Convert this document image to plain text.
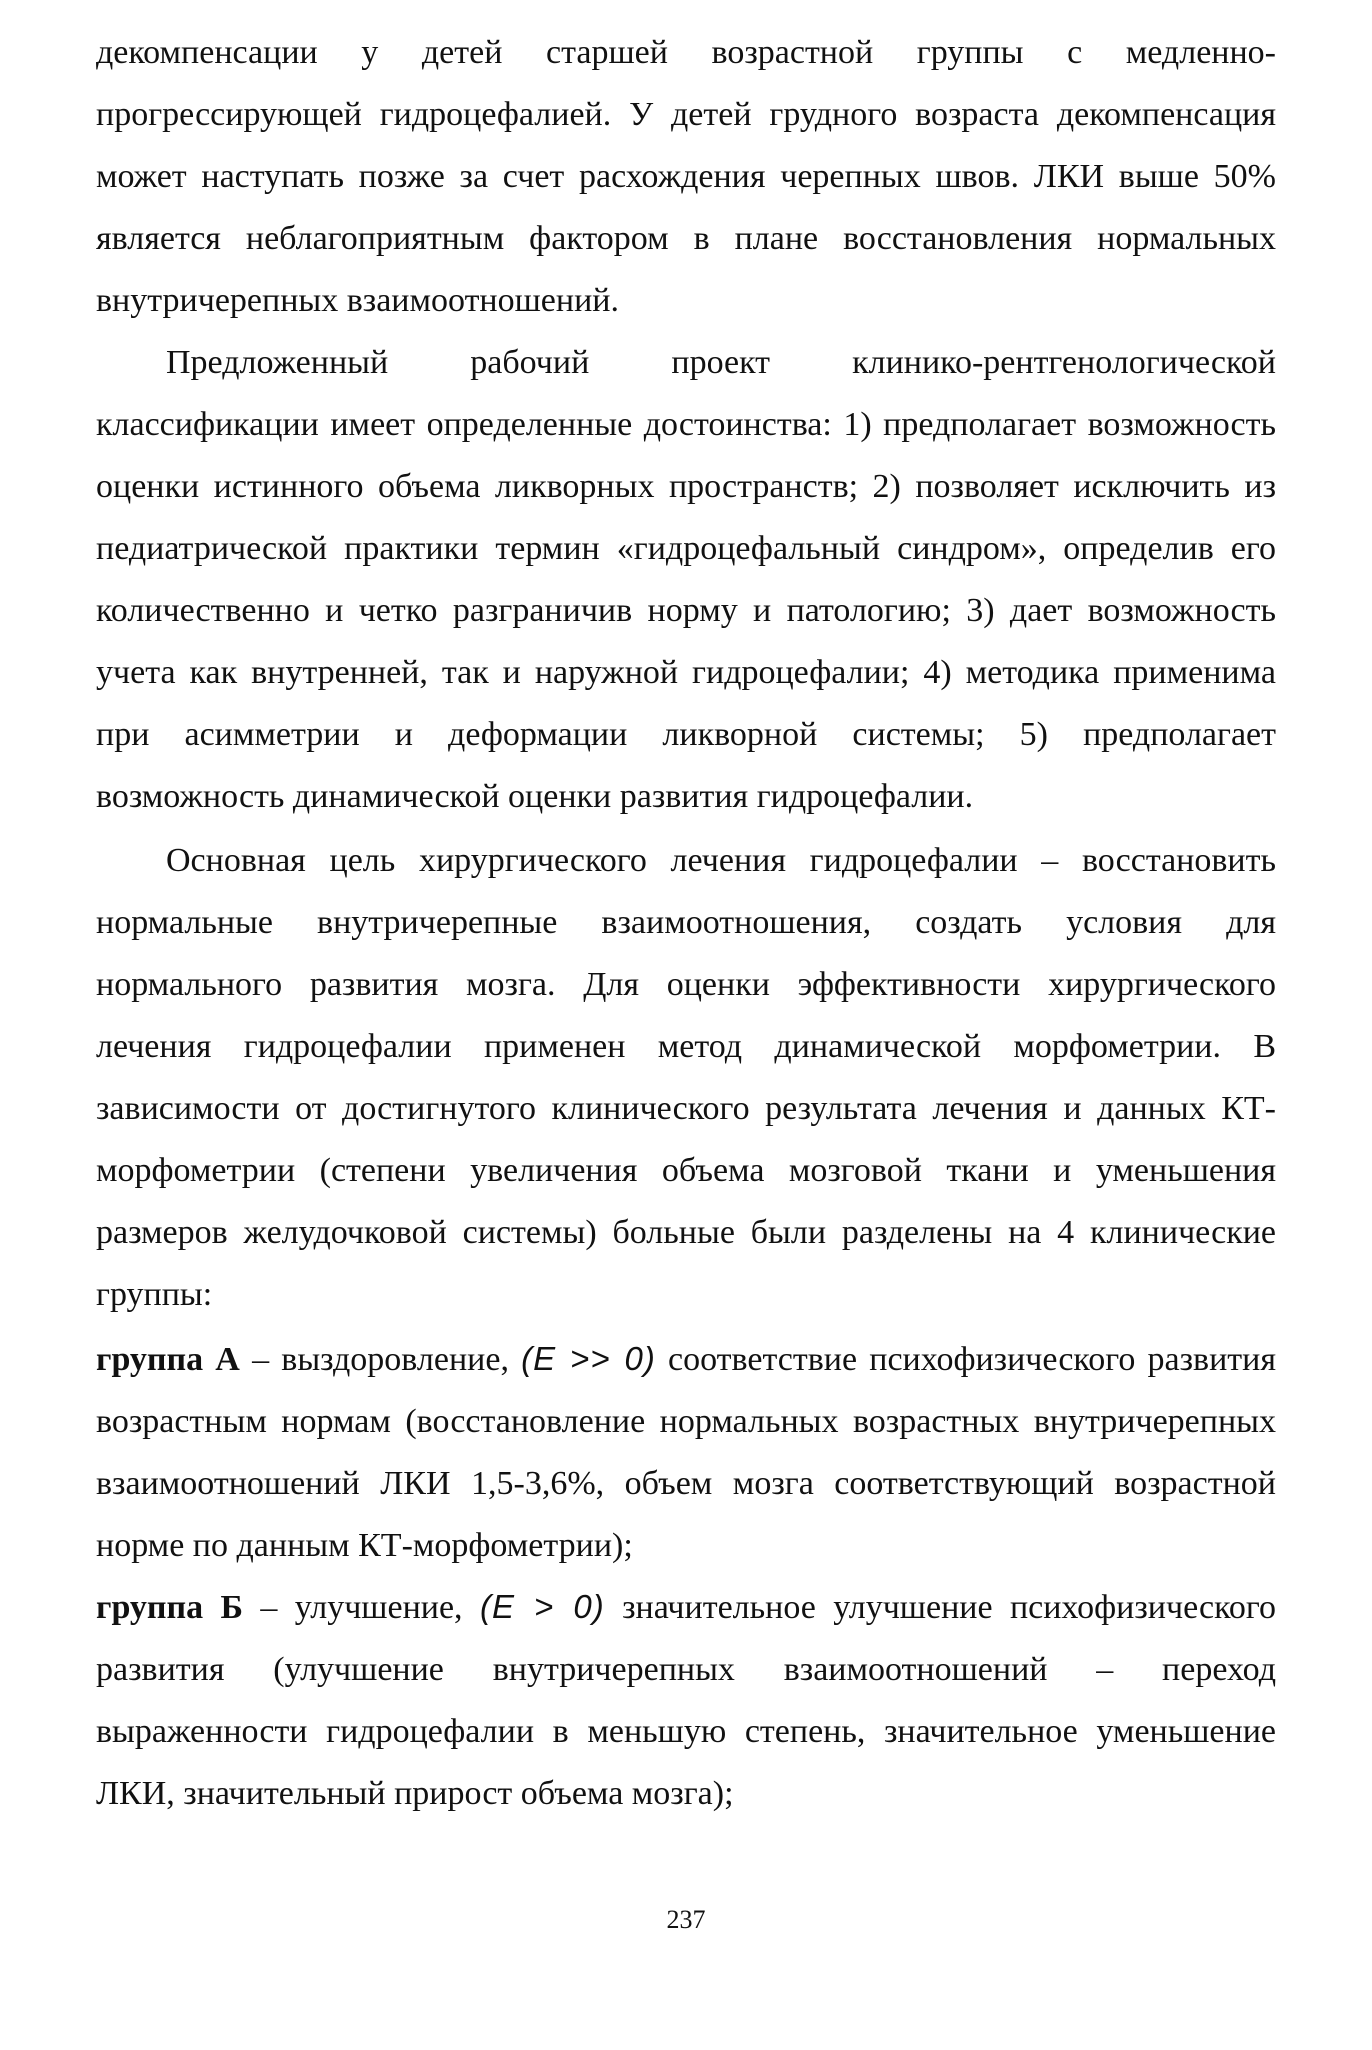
декомпенсации у детей старшей возрастной группы с медленно-прогрессирующей гидроцефалией. У детей грудного возраста декомпенсация может наступать позже за счет расхождения черепных швов. ЛКИ выше 50% является неблагоприятным фактором в плане восстановления нормальных внутричерепных взаимоотношений.

Предложенный рабочий проект клинико-рентгенологической классификации имеет определенные достоинства: 1) предполагает возможность оценки истинного объема ликворных пространств; 2) позволяет исключить из педиатрической практики термин «гидроцефальный синдром», определив его количественно и четко разграничив норму и патологию; 3) дает возможность учета как внутренней, так и наружной гидроцефалии; 4) методика применима при асимметрии и деформации ликворной системы; 5) предполагает возможность динамической оценки развития гидроцефалии.

Основная цель хирургического лечения гидроцефалии – восстановить нормальные внутричерепные взаимоотношения, создать условия для нормального развития мозга. Для оценки эффективности хирургического лечения гидроцефалии применен метод динамической морфометрии. В зависимости от достигнутого клинического результата лечения и данных КТ-морфометрии (степени увеличения объема мозговой ткани и уменьшения размеров желудочковой системы) больные были разделены на 4 клинические группы:

группа А – выздоровление, (E >> 0) соответствие психофизического развития возрастным нормам (восстановление нормальных возрастных внутричерепных взаимоотношений ЛКИ 1,5-3,6%, объем мозга соответствующий возрастной норме по данным КТ-морфометрии);

группа Б – улучшение, (E > 0) значительное улучшение психофизического развития (улучшение внутричерепных взаимоотношений – переход выраженности гидроцефалии в меньшую степень, значительное уменьшение ЛКИ, значительный прирост объема мозга);

237
